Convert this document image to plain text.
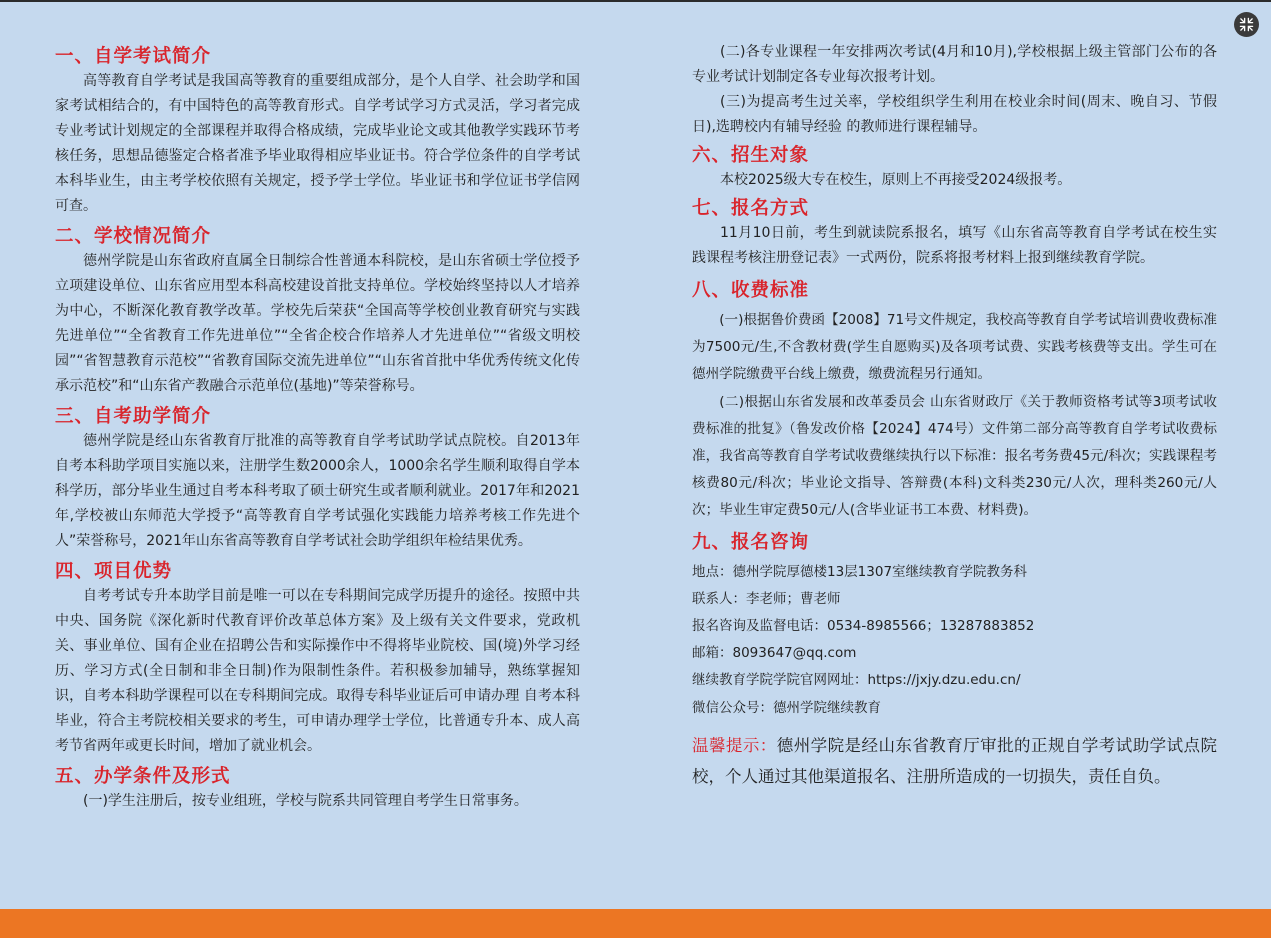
一、自学考试简介

高等教育自学考试是我国高等教育的重要组成部分，是个人自学、社会助学和国家考试相结合的，有中国特色的高等教育形式。自学考试学习方式灵活，学习者完成专业考试计划规定的全部课程并取得合格成绩，完成毕业论文或其他教学实践环节考核任务，思想品德鉴定合格者准予毕业取得相应毕业证书。符合学位条件的自学考试本科毕业生，由主考学校依照有关规定，授予学士学位。毕业证书和学位证书学信网可查。

二、学校情况简介

德州学院是山东省政府直属全日制综合性普通本科院校，是山东省硕士学位授予立项建设单位、山东省应用型本科高校建设首批支持单位。学校始终坚持以人才培养为中心，不断深化教育教学改革。学校先后荣获“全国高等学校创业教育研究与实践先进单位”“全省教育工作先进单位”“全省企校合作培养人才先进单位”“省级文明校园”“省智慧教育示范校”“省教育国际交流先进单位”“山东省首批中华优秀传统文化传承示范校”和“山东省产教融合示范单位(基地)”等荣誉称号。

三、自考助学简介

德州学院是经山东省教育厅批准的高等教育自学考试助学试点院校。自2013年自考本科助学项目实施以来，注册学生数2000余人，1000余名学生顺利取得自学本科学历，部分毕业生通过自考本科考取了硕士研究生或者顺利就业。2017年和2021年,学校被山东师范大学授予“高等教育自学考试强化实践能力培养考核工作先进个人”荣誉称号，2021年山东省高等教育自学考试社会助学组织年检结果优秀。

四、项目优势

自考考试专升本助学目前是唯一可以在专科期间完成学历提升的途径。按照中共中央、国务院《深化新时代教育评价改革总体方案》及上级有关文件要求，党政机关、事业单位、国有企业在招聘公告和实际操作中不得将毕业院校、国(境)外学习经历、学习方式(全日制和非全日制)作为限制性条件。若积极参加辅导，熟练掌握知识，自考本科助学课程可以在专科期间完成。取得专科毕业证后可申请办理 自考本科毕业，符合主考院校相关要求的考生，可申请办理学士学位，比普通专升本、成人高考节省两年或更长时间，增加了就业机会。

五、办学条件及形式

(一)学生注册后，按专业组班，学校与院系共同管理自考学生日常事务。

(二)各专业课程一年安排两次考试(4月和10月),学校根据上级主管部门公布的各专业考试计划制定各专业每次报考计划。

(三)为提高考生过关率，学校组织学生利用在校业余时间(周末、晚自习、节假日),选聘校内有辅导经验 的教师进行课程辅导。

六、招生对象

本校2025级大专在校生，原则上不再接受2024级报考。

七、报名方式

11月10日前，考生到就读院系报名，填写《山东省高等教育自学考试在校生实践课程考核注册登记表》一式两份，院系将报考材料上报到继续教育学院。

八、收费标准

(一)根据鲁价费函【2008】71号文件规定，我校高等教育自学考试培训费收费标准为7500元/生,不含教材费(学生自愿购买)及各项考试费、实践考核费等支出。学生可在德州学院缴费平台线上缴费，缴费流程另行通知。

(二)根据山东省发展和改革委员会 山东省财政厅《关于教师资格考试等3项考试收费标准的批复》（鲁发改价格【2024】474号）文件第二部分高等教育自学考试收费标准，我省高等教育自学考试收费继续执行以下标准：报名考务费45元/科次；实践课程考核费80元/科次；毕业论文指导、答辩费(本科)文科类230元/人次，理科类260元/人次；毕业生审定费50元/人(含毕业证书工本费、材料费)。

九、报名咨询

地点：德州学院厚德楼13层1307室继续教育学院教务科

联系人：李老师；曹老师

报名咨询及监督电话：0534-8985566；13287883852

邮箱：8093647@qq.com

继续教育学院学院官网网址：https://jxjy.dzu.edu.cn/

微信公众号：德州学院继续教育

温馨提示：德州学院是经山东省教育厅审批的正规自学考试助学试点院校，个人通过其他渠道报名、注册所造成的一切损失，责任自负。
